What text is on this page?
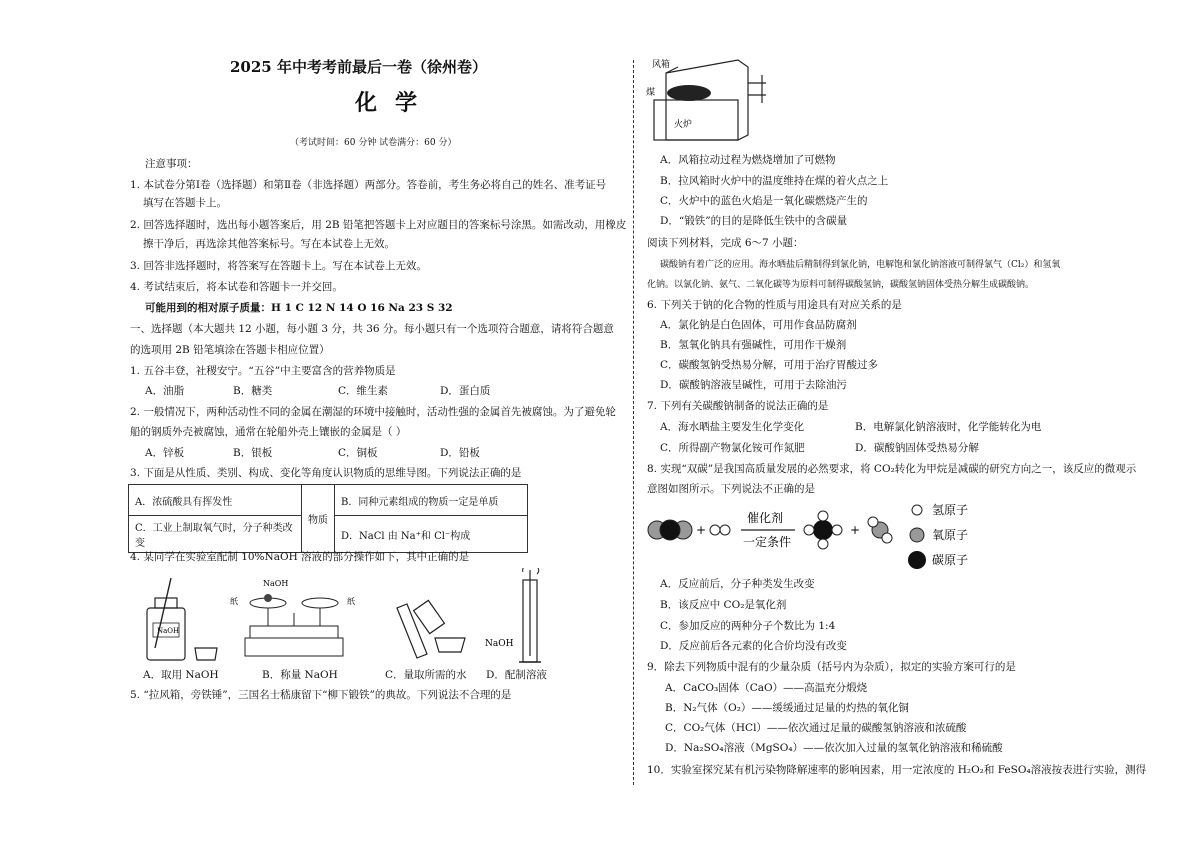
2025 年中考考前最后一卷（徐州卷）
化学
（考试时间：60 分钟 试卷满分：60 分）
注意事项：
1. 本试卷分第Ⅰ卷（选择题）和第Ⅱ卷（非选择题）两部分。答卷前，考生务必将自己的姓名、准考证号
填写在答题卡上。
2. 回答选择题时，选出每小题答案后，用 2B 铅笔把答题卡上对应题目的答案标号涂黑。如需改动，用橡皮
擦干净后，再选涂其他答案标号。写在本试卷上无效。
3. 回答非选择题时，将答案写在答题卡上。写在本试卷上无效。
4. 考试结束后，将本试卷和答题卡一并交回。
可能用到的相对原子质量：H 1 C 12 N 14 O 16 Na 23 S 32
一、选择题（本大题共 12 小题，每小题 3 分，共 36 分。每小题只有一个选项符合题意，请将符合题意
的选项用 2B 铅笔填涂在答题卡相应位置）
1. 五谷丰登，社稷安宁。“五谷”中主要富含的营养物质是
A．油脂	B．糖类	C．维生素	D．蛋白质
2. 一般情况下，两种活动性不同的金属在潮湿的环境中接触时，活动性强的金属首先被腐蚀。为了避免轮
船的钢质外壳被腐蚀，通常在轮船外壳上镶嵌的金属是（ ）
A．锌板	B．银板	C．铜板	D．铅板
3. 下面是从性质、类别、构成、变化等角度认识物质的思维导图。下列说法正确的是
A．浓硫酸具有挥发性	物质	B．同种元素组成的物质一定是单质
C．工业上制取氧气时，分子种类改变		D．NaCl 由 Na⁺和 Cl⁻构成
4. 某同学在实验室配制 10%NaOH 溶液的部分操作如下，其中正确的是
NaOH
NaOH
纸	纸
NaOH
A．取用 NaOH	B．称量 NaOH	C．量取所需的水 D．配制溶液
5. “拉风箱，旁铁锤”，三国名士嵇康留下“柳下锻铁”的典故。下列说法不合理的是
风箱
煤
火炉
A．风箱拉动过程为燃烧增加了可燃物
B．拉风箱时火炉中的温度维持在煤的着火点之上
C．火炉中的蓝色火焰是一氧化碳燃烧产生的
D．“锻铁”的目的是降低生铁中的含碳量
阅读下列材料，完成 6～7 小题：
碳酸钠有着广泛的应用。海水晒盐后精制得到氯化钠，电解饱和氯化钠溶液可制得氯气（Cl₂）和氢氧
化钠。以氯化钠、氨气、二氧化碳等为原料可制得碳酸氢钠，碳酸氢钠固体受热分解生成碳酸钠。
6. 下列关于钠的化合物的性质与用途具有对应关系的是
A．氯化钠是白色固体，可用作食品防腐剂
B．氢氧化钠具有强碱性，可用作干燥剂
C．碳酸氢钠受热易分解，可用于治疗胃酸过多
D．碳酸钠溶液呈碱性，可用于去除油污
7. 下列有关碳酸钠制备的说法正确的是
A．海水晒盐主要发生化学变化	B．电解氯化钠溶液时，化学能转化为电
C．所得副产物氯化铵可作氮肥	D．碳酸钠固体受热易分解
8. 实现“双碳”是我国高质量发展的必然要求，将 CO₂转化为甲烷是减碳的研究方向之一，该反应的微观示
意图如图所示。下列说法不正确的是
+
催化剂
一定条件
+
氢原子
氧原子
碳原子
A．反应前后，分子种类发生改变
B．该反应中 CO₂是氧化剂
C．参加反应的两种分子个数比为 1:4
D．反应前后各元素的化合价均没有改变
9．除去下列物质中混有的少量杂质（括号内为杂质），拟定的实验方案可行的是
A．CaCO₃固体（CaO）——高温充分煅烧
B．N₂气体（O₂）——缓缓通过足量的灼热的氧化铜
C．CO₂气体（HCl）——依次通过足量的碳酸氢钠溶液和浓硫酸
D．Na₂SO₄溶液（MgSO₄）——依次加入过量的氢氧化钠溶液和稀硫酸
10．实验室探究某有机污染物降解速率的影响因素，用一定浓度的 H₂O₂和 FeSO₄溶液按表进行实验，测得
